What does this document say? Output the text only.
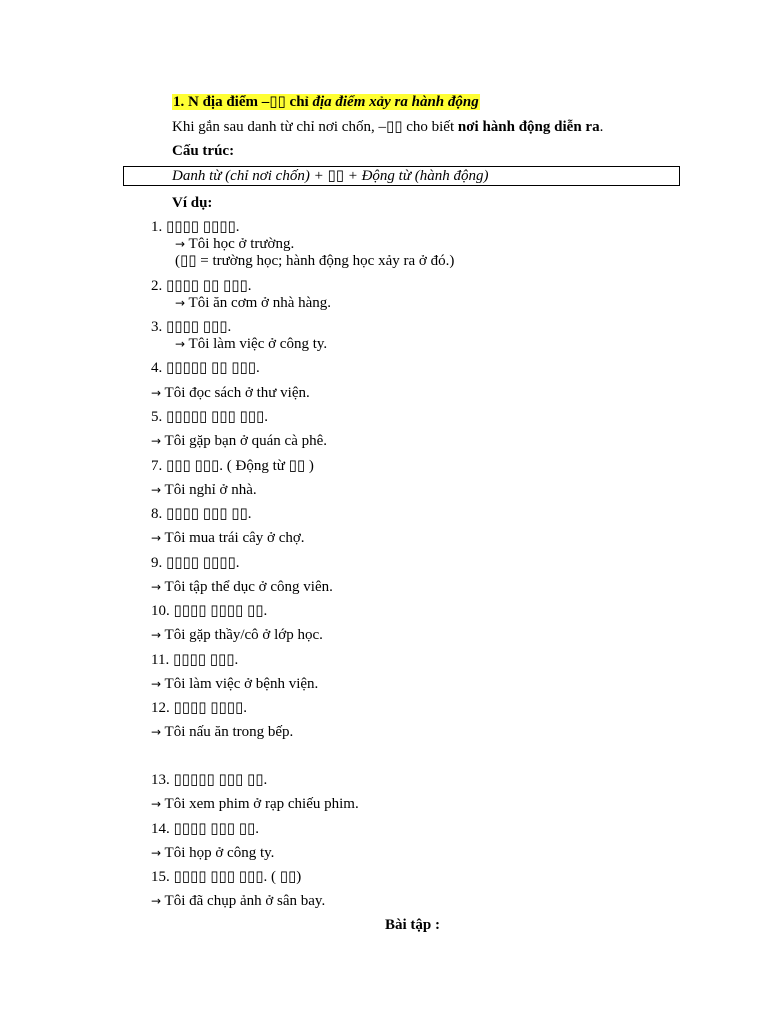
1. N địa điểm –▯▯ chỉ địa điểm xảy ra hành động
Khi gắn sau danh từ chỉ nơi chốn, –▯▯ cho biết nơi hành động diễn ra.
Cấu trúc:
Danh từ (chỉ nơi chốn) + ▯▯ + Động từ (hành động)
Ví dụ:
1. ▯▯▯▯ ▯▯▯▯.
→ Tôi học ở trường.
(▯▯ = trường học; hành động học xảy ra ở đó.)
2. ▯▯▯▯ ▯▯ ▯▯▯.
→ Tôi ăn cơm ở nhà hàng.
3. ▯▯▯▯ ▯▯▯.
→ Tôi làm việc ở công ty.
4. ▯▯▯▯▯ ▯▯ ▯▯▯.
→ Tôi đọc sách ở thư viện.
5. ▯▯▯▯▯ ▯▯▯ ▯▯▯.
→ Tôi gặp bạn ở quán cà phê.
7. ▯▯▯ ▯▯▯. ( Động từ ▯▯ )
→ Tôi nghỉ ở nhà.
8. ▯▯▯▯ ▯▯▯ ▯▯.
→ Tôi mua trái cây ở chợ.
9. ▯▯▯▯ ▯▯▯▯.
→ Tôi tập thể dục ở công viên.
10. ▯▯▯▯ ▯▯▯▯ ▯▯.
→ Tôi gặp thầy/cô ở lớp học.
11. ▯▯▯▯ ▯▯▯.
→ Tôi làm việc ở bệnh viện.
12. ▯▯▯▯ ▯▯▯▯.
→ Tôi nấu ăn trong bếp.
13. ▯▯▯▯▯ ▯▯▯ ▯▯.
→ Tôi xem phim ở rạp chiếu phim.
14. ▯▯▯▯ ▯▯▯ ▯▯.
→ Tôi họp ở công ty.
15. ▯▯▯▯ ▯▯▯ ▯▯▯. ( ▯▯)
→ Tôi đã chụp ảnh ở sân bay.
Bài tập :
